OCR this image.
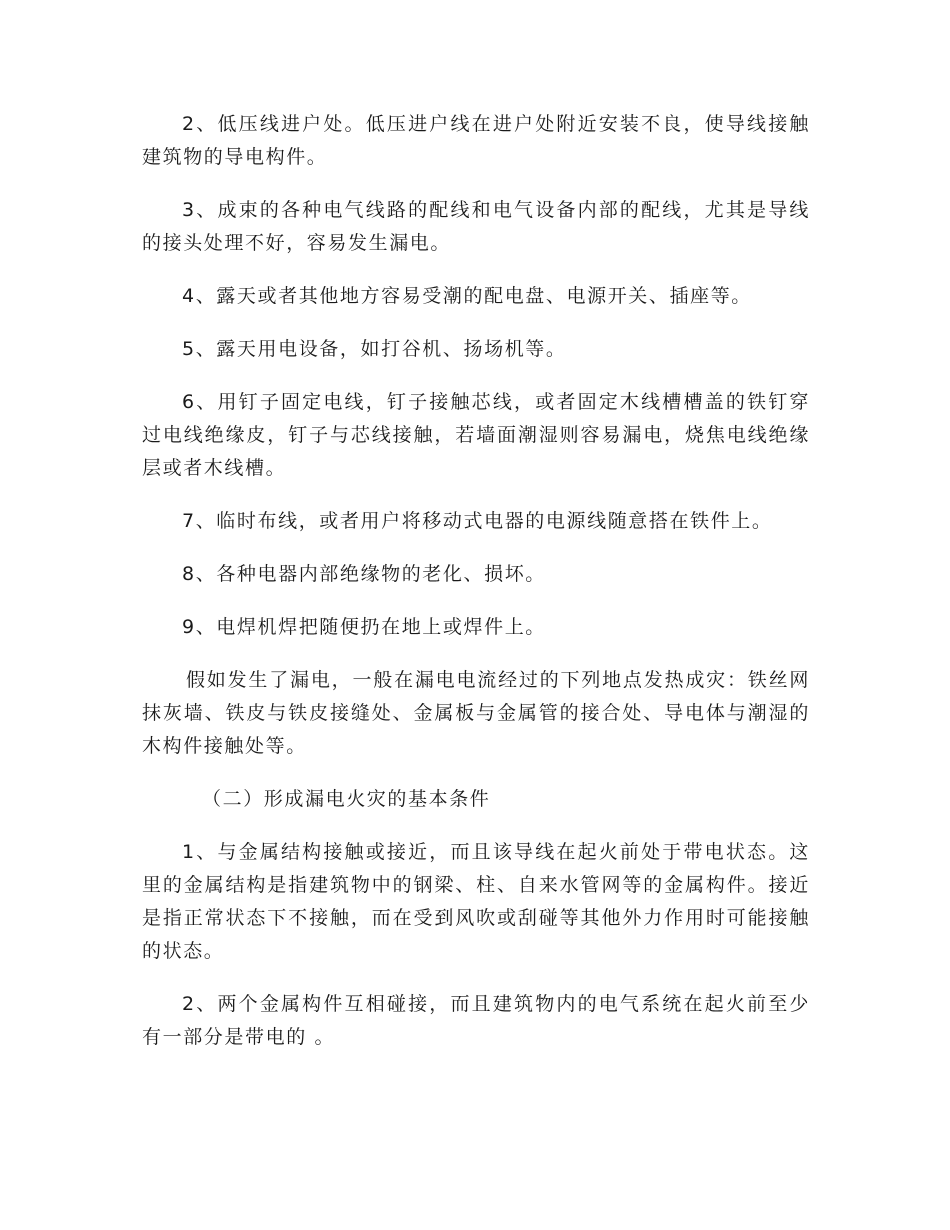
2、低压线进户处。低压进户线在进户处附近安装不良，使导线接触建筑物的导电构件。

3、成束的各种电气线路的配线和电气设备内部的配线，尤其是导线的接头处理不好，容易发生漏电。

4、露天或者其他地方容易受潮的配电盘、电源开关、插座等。

5、露天用电设备，如打谷机、扬场机等。

6、用钉子固定电线，钉子接触芯线，或者固定木线槽槽盖的铁钉穿过电线绝缘皮，钉子与芯线接触，若墙面潮湿则容易漏电，烧焦电线绝缘层或者木线槽。

7、临时布线，或者用户将移动式电器的电源线随意搭在铁件上。

8、各种电器内部绝缘物的老化、损坏。

9、电焊机焊把随便扔在地上或焊件上。

假如发生了漏电，一般在漏电电流经过的下列地点发热成灾：铁丝网抹灰墙、铁皮与铁皮接缝处、金属板与金属管的接合处、导电体与潮湿的木构件接触处等。

（二）形成漏电火灾的基本条件

1、与金属结构接触或接近，而且该导线在起火前处于带电状态。这里的金属结构是指建筑物中的钢梁、柱、自来水管网等的金属构件。接近是指正常状态下不接触，而在受到风吹或刮碰等其他外力作用时可能接触的状态。

2、两个金属构件互相碰接，而且建筑物内的电气系统在起火前至少有一部分是带电的 。
